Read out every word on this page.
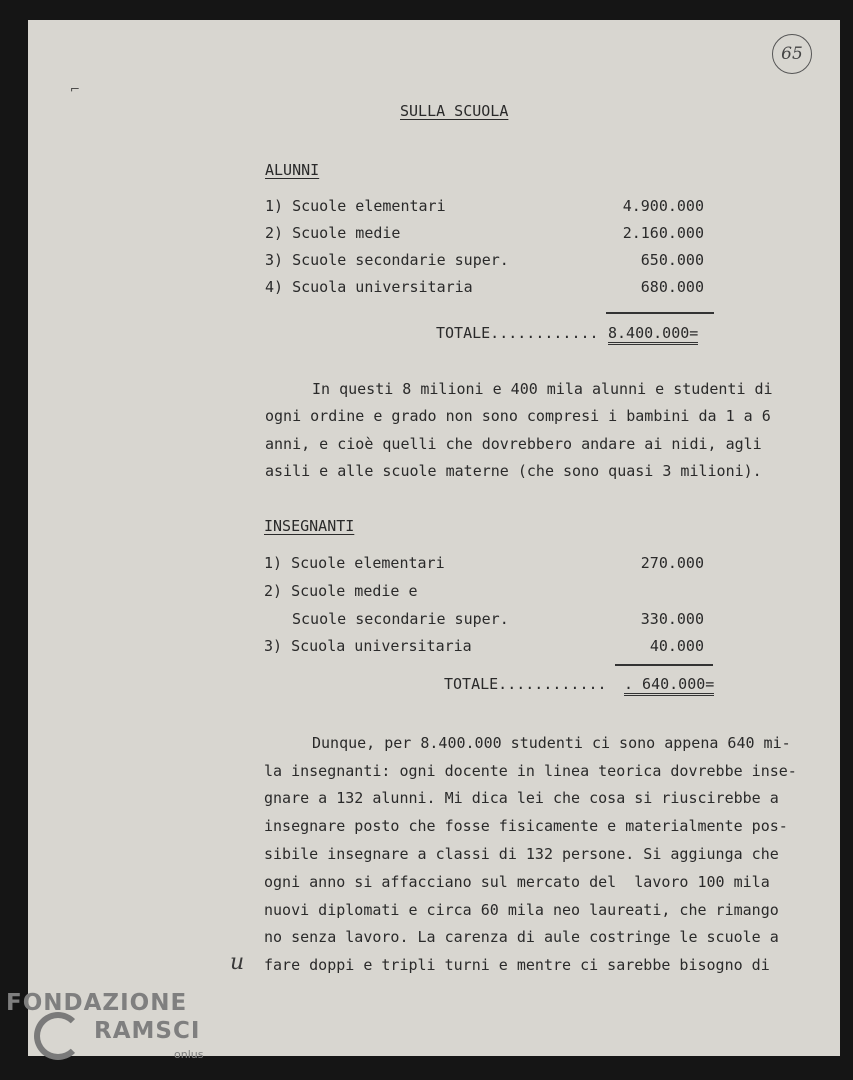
65
⌐
SULLA SCUOLA
ALUNNI
1) Scuole elementari	4.900.000
2) Scuole medie	2.160.000
3) Scuole secondarie super.	650.000
4) Scuola universitaria	680.000
TOTALE............ 8.400.000=
In questi 8 milioni e 400 mila alunni e studenti di
ogni ordine e grado non sono compresi i bambini da 1 a 6
anni, e cioè quelli che dovrebbero andare ai nidi, agli
asili e alle scuole materne (che sono quasi 3 milioni).
INSEGNANTI
1) Scuole elementari	270.000
2) Scuole medie e
Scuole secondarie super.	330.000
3) Scuola universitaria	40.000
TOTALE............ . 640.000=
Dunque, per 8.400.000 studenti ci sono appena 640 mi-
la insegnanti: ogni docente in linea teorica dovrebbe inse-
gnare a 132 alunni. Mi dica lei che cosa si riuscirebbe a
insegnare posto che fosse fisicamente e materialmente pos-
sibile insegnare a classi di 132 persone. Si aggiunga che
ogni anno si affacciano sul mercato del  lavoro 100 mila
nuovi diplomati e circa 60 mila neo laureati, che rimango
no senza lavoro. La carenza di aule costringe le scuole a
fare doppi e tripli turni e mentre ci sarebbe bisogno di
u
FONDAZIONE
RAMSCI
onlus
